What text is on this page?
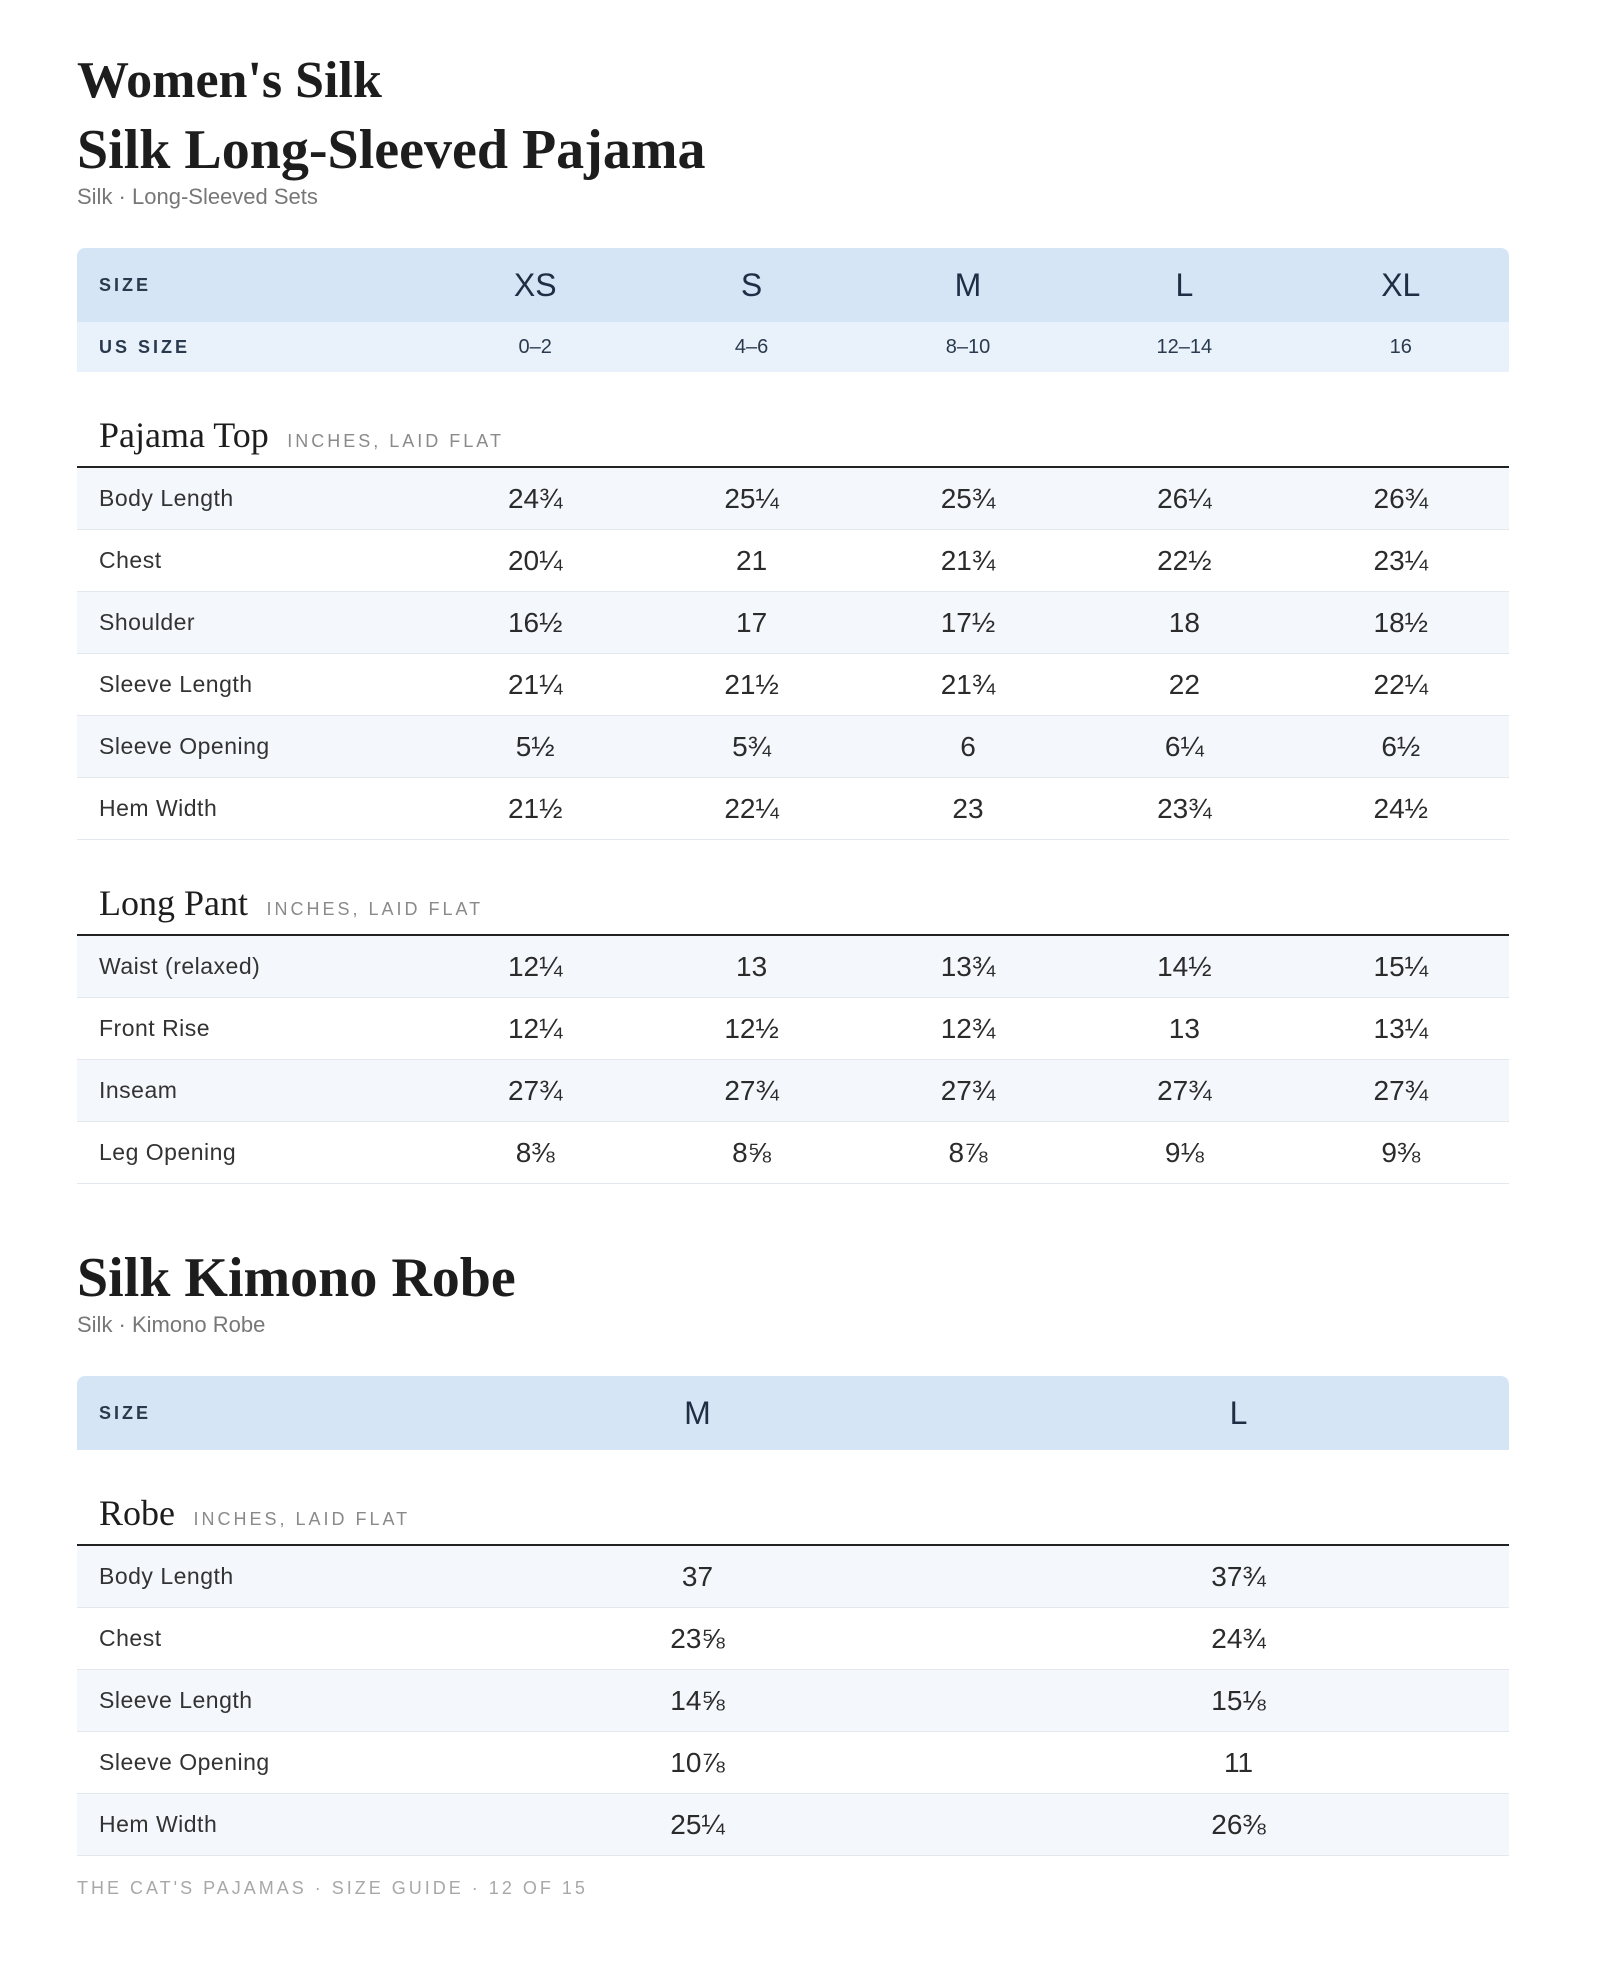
Women's Silk
Silk Long-Sleeved Pajama

Silk · Long-Sleeved Sets

SIZE	XS	S	M	L	XL
US SIZE	0–2	4–6	8–10	12–14	16
Pajama Top INCHES, LAID FLAT					
Body Length	24¾	25¼	25¾	26¼	26¾
Chest	20¼	21	21¾	22½	23¼
Shoulder	16½	17	17½	18	18½
Sleeve Length	21¼	21½	21¾	22	22¼
Sleeve Opening	5½	5¾	6	6¼	6½
Hem Width	21½	22¼	23	23¾	24½
Long Pant INCHES, LAID FLAT					
Waist (relaxed)	12¼	13	13¾	14½	15¼
Front Rise	12¼	12½	12¾	13	13¼
Inseam	27¾	27¾	27¾	27¾	27¾
Leg Opening	8⅜	8⅝	8⅞	9⅛	9⅜
Silk Kimono Robe

Silk · Kimono Robe

SIZE	M	L
Robe INCHES, LAID FLAT		
Body Length	37	37¾
Chest	23⅝	24¾
Sleeve Length	14⅝	15⅛
Sleeve Opening	10⅞	11
Hem Width	25¼	26⅜
THE CAT'S PAJAMAS · SIZE GUIDE · 12 OF 15
